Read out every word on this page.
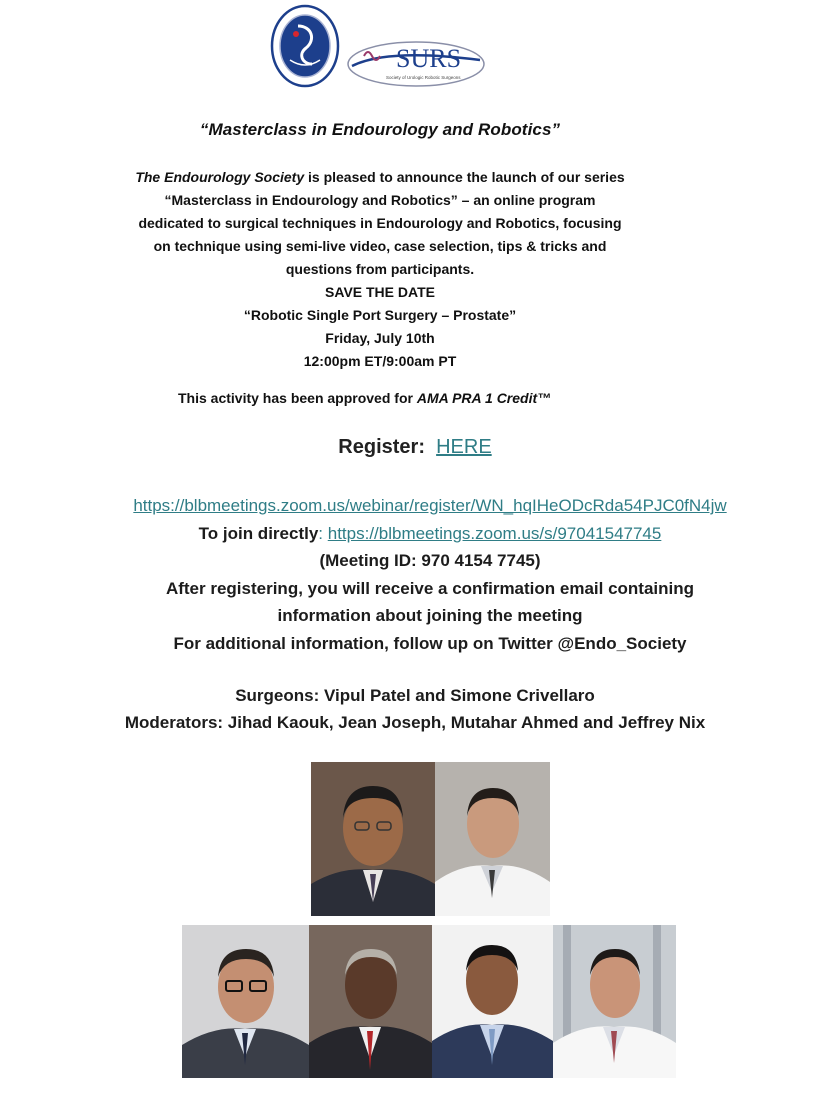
SURS
Society of Urologic Robotic Surgeons
“Masterclass in Endourology and Robotics”
The Endourology Society is pleased to announce the launch of our series
“Masterclass in Endourology and Robotics” – an online program
dedicated to surgical techniques in Endourology and Robotics, focusing
on technique using semi-live video, case selection, tips & tricks and
questions from participants.
SAVE THE DATE
“Robotic Single Port Surgery – Prostate”
Friday, July 10th
12:00pm ET/9:00am PT
This activity has been approved for AMA PRA 1 Credit™
Register:  HERE
https://blbmeetings.zoom.us/webinar/register/WN_hqIHeODcRda54PJC0fN4jw
To join directly: https://blbmeetings.zoom.us/s/97041547745
(Meeting ID: 970 4154 7745)
After registering, you will receive a confirmation email containing
information about joining the meeting
For additional information, follow up on Twitter @Endo_Society
Surgeons: Vipul Patel and Simone Crivellaro
Moderators: Jihad Kaouk, Jean Joseph, Mutahar Ahmed and Jeffrey Nix
